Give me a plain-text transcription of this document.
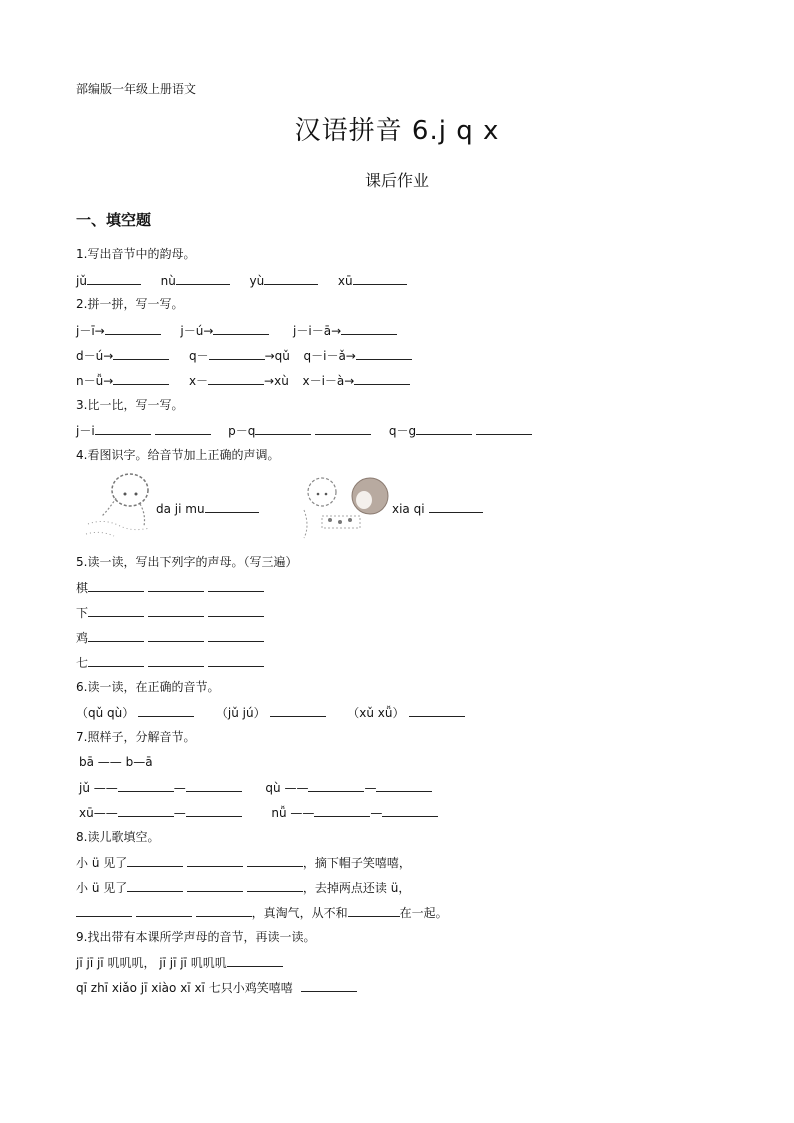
部编版一年级上册语文
汉语拼音 6.j q x
课后作业
一、填空题
1.写出音节中的韵母。
jǔ	nù	yù	xū
2.拼一拼，写一写。
j－ī→	j－ú→	j－i－ā→
d－ú→	q－	→qǔ q－i－ǎ→
n－ǚ→	x－	→xù x－i－à→
3.比一比，写一写。
j－i	p－q	q－g
4.看图识字。给音节加上正确的声调。
da ji mu	xia qi
5.读一读，写出下列字的声母。（写三遍）
棋
下
鸡
七
6.读一读，在正确的音节。
（qǔ qù）	（jǔ jú）	（xǔ xǚ）
7.照样子，分解音节。
bā —— b—ā
jǔ ——	—	qù ——	—
xū——	—	nǚ ——	—
8.读儿歌填空。
小 ü 见了	，摘下帽子笑嘻嘻，
小 ü 见了	，去掉两点还读 ü，
，真淘气，从不和	在一起。
9.找出带有本课所学声母的音节，再读一读。
jī jī jī 叽叽叽， jī jī jī 叽叽叽
qī zhī xiǎo jī xiào xī xī 七只小鸡笑嘻嘻
